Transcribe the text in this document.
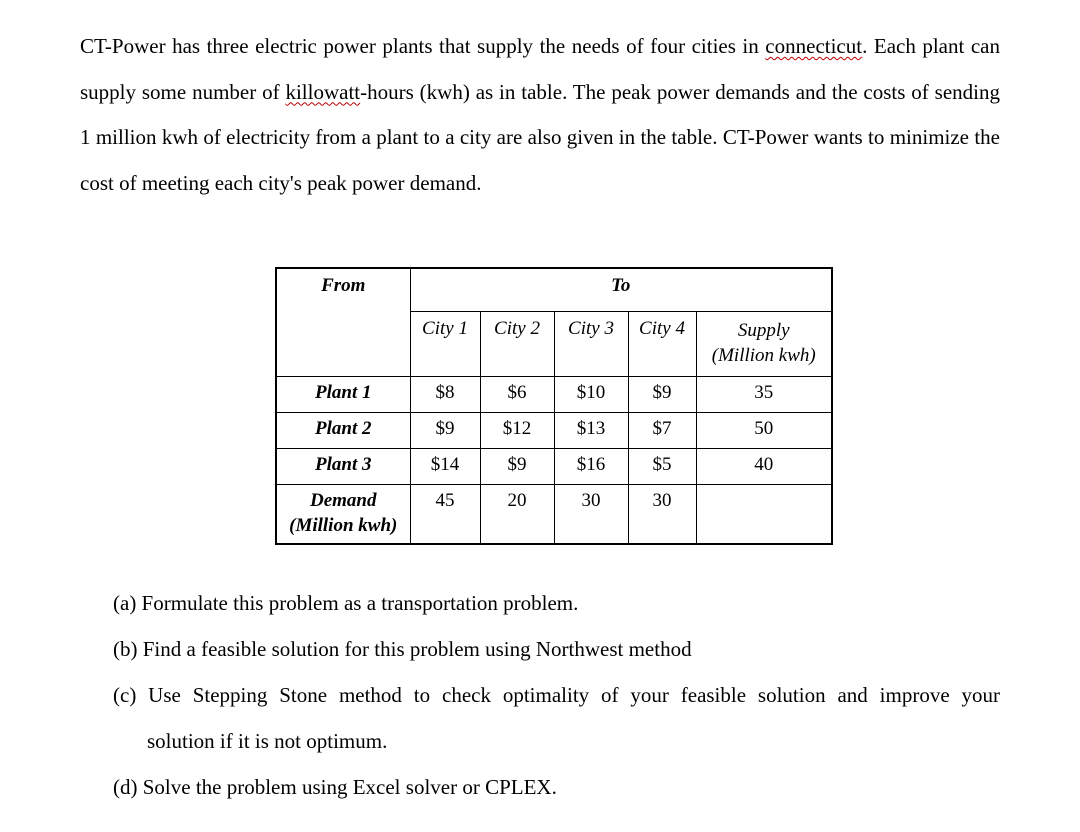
CT-Power has three electric power plants that supply the needs of four cities in connecticut. Each plant can supply some number of killowatt-hours (kwh) as in table. The peak power demands and the costs of sending 1 million kwh of electricity from a plant to a city are also given in the table. CT-Power wants to minimize the cost of meeting each city's peak power demand.

From	To				
	City 1	City 2	City 3	City 4	Supply
(Million kwh)

Plant 1	$8	$6	$10	$9	35
Plant 2	$9	$12	$13	$7	50
Plant 3	$14	$9	$16	$5	40

Demand
(Million kwh)	45	20	30	30	

(a) Formulate this problem as a transportation problem.

(b) Find a feasible solution for this problem using Northwest method

(c) Use Stepping Stone method to check optimality of your feasible solution and improve your

solution if it is not optimum.

(d) Solve the problem using Excel solver or CPLEX.
